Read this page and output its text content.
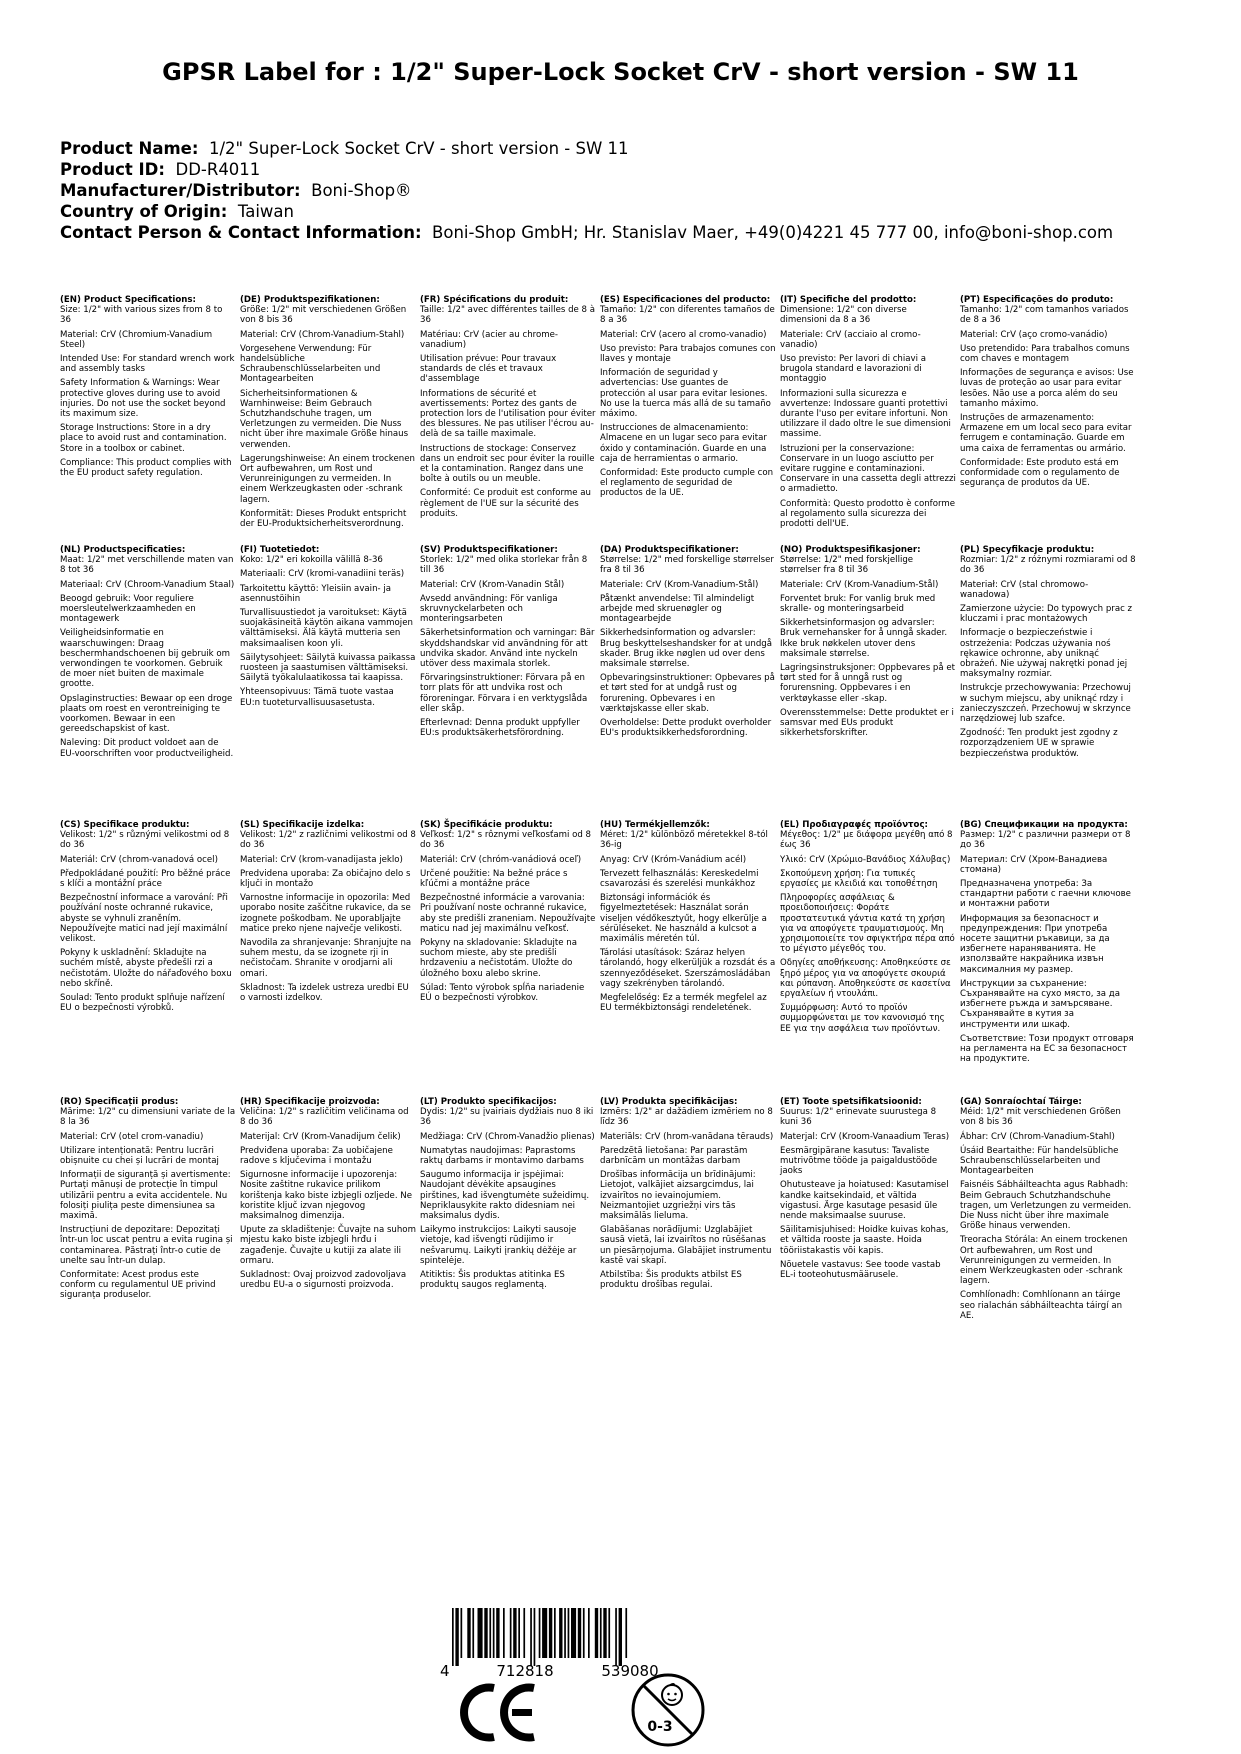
GPSR Label for : 1/2" Super-Lock Socket CrV - short version - SW 11
Product Name: 1/2" Super-Lock Socket CrV - short version - SW 11
Product ID: DD-R4011
Manufacturer/Distributor: Boni-Shop®
Country of Origin: Taiwan
Contact Person & Contact Information: Boni-Shop GmbH; Hr. Stanislav Maer, +49(0)4221 45 777 00, info@boni-shop.com
(EN) Product Specifications:
Size: 1/2" with various sizes from 8 to 36
Material: CrV (Chromium-Vanadium Steel)
Intended Use: For standard wrench work and assembly tasks
Safety Information & Warnings: Wear protective gloves during use to avoid injuries. Do not use the socket beyond its maximum size.
Storage Instructions: Store in a dry place to avoid rust and contamination. Store in a toolbox or cabinet.
Compliance: This product complies with the EU product safety regulation.
(DE) Produktspezifikationen:
Größe: 1/2" mit verschiedenen Größen von 8 bis 36
Material: CrV (Chrom-Vanadium-Stahl)
Vorgesehene Verwendung: Für handelsübliche Schraubenschlüsselarbeiten und Montagearbeiten
Sicherheitsinformationen & Warnhinweise: Beim Gebrauch Schutzhandschuhe tragen, um Verletzungen zu vermeiden. Die Nuss nicht über ihre maximale Größe hinaus verwenden.
Lagerungshinweise: An einem trockenen Ort aufbewahren, um Rost und Verunreinigungen zu vermeiden. In einem Werkzeugkasten oder -schrank lagern.
Konformität: Dieses Produkt entspricht der EU-Produktsicherheitsverordnung.
(FR) Spécifications du produit:
Taille: 1/2" avec différentes tailles de 8 à 36
Matériau: CrV (acier au chrome-vanadium)
Utilisation prévue: Pour travaux standards de clés et travaux d'assemblage
Informations de sécurité et avertissements: Portez des gants de protection lors de l'utilisation pour éviter des blessures. Ne pas utiliser l'écrou au-delà de sa taille maximale.
Instructions de stockage: Conservez dans un endroit sec pour éviter la rouille et la contamination. Rangez dans une boîte à outils ou un meuble.
Conformité: Ce produit est conforme au règlement de l'UE sur la sécurité des produits.
(ES) Especificaciones del producto:
Tamaño: 1/2" con diferentes tamaños de 8 a 36
Material: CrV (acero al cromo-vanadio)
Uso previsto: Para trabajos comunes con llaves y montaje
Información de seguridad y advertencias: Use guantes de protección al usar para evitar lesiones. No use la tuerca más allá de su tamaño máximo.
Instrucciones de almacenamiento: Almacene en un lugar seco para evitar óxido y contaminación. Guarde en una caja de herramientas o armario.
Conformidad: Este producto cumple con el reglamento de seguridad de productos de la UE.
(IT) Specifiche del prodotto:
Dimensione: 1/2" con diverse dimensioni da 8 a 36
Materiale: CrV (acciaio al cromo-vanadio)
Uso previsto: Per lavori di chiavi a brugola standard e lavorazioni di montaggio
Informazioni sulla sicurezza e avvertenze: Indossare guanti protettivi durante l'uso per evitare infortuni. Non utilizzare il dado oltre le sue dimensioni massime.
Istruzioni per la conservazione: Conservare in un luogo asciutto per evitare ruggine e contaminazioni. Conservare in una cassetta degli attrezzi o armadietto.
Conformità: Questo prodotto è conforme al regolamento sulla sicurezza dei prodotti dell'UE.
(PT) Especificações do produto:
Tamanho: 1/2" com tamanhos variados de 8 a 36
Material: CrV (aço cromo-vanádio)
Uso pretendido: Para trabalhos comuns com chaves e montagem
Informações de segurança e avisos: Use luvas de proteção ao usar para evitar lesões. Não use a porca além do seu tamanho máximo.
Instruções de armazenamento: Armazene em um local seco para evitar ferrugem e contaminação. Guarde em uma caixa de ferramentas ou armário.
Conformidade: Este produto está em conformidade com o regulamento de segurança de produtos da UE.
(NL) Productspecificaties:
Maat: 1/2" met verschillende maten van 8 tot 36
Materiaal: CrV (Chroom-Vanadium Staal)
Beoogd gebruik: Voor reguliere moersleutelwerkzaamheden en montagewerk
Veiligheidsinformatie en waarschuwingen: Draag beschermhandschoenen bij gebruik om verwondingen te voorkomen. Gebruik de moer niet buiten de maximale grootte.
Opslaginstructies: Bewaar op een droge plaats om roest en verontreiniging te voorkomen. Bewaar in een gereedschapskist of kast.
Naleving: Dit product voldoet aan de EU-voorschriften voor productveiligheid.
(FI) Tuotetiedot:
Koko: 1/2" eri kokoilla välillä 8-36
Materiaali: CrV (kromi-vanadiini teräs)
Tarkoitettu käyttö: Yleisiin avain- ja asennustöihin
Turvallisuustiedot ja varoitukset: Käytä suojakäsineitä käytön aikana vammojen välttämiseksi. Älä käytä mutteria sen maksimaalisen koon yli.
Säilytysohjeet: Säilytä kuivassa paikassa ruosteen ja saastumisen välttämiseksi. Säilytä työkalulaatikossa tai kaapissa.
Yhteensopivuus: Tämä tuote vastaa EU:n tuoteturvallisuusasetusta.
(SV) Produktspecifikationer:
Storlek: 1/2" med olika storlekar från 8 till 36
Material: CrV (Krom-Vanadin Stål)
Avsedd användning: För vanliga skruvnyckelarbeten och monteringsarbeten
Säkerhetsinformation och varningar: Bär skyddshandskar vid användning för att undvika skador. Använd inte nyckeln utöver dess maximala storlek.
Förvaringsinstruktioner: Förvara på en torr plats för att undvika rost och föroreningar. Förvara i en verktygslåda eller skåp.
Efterlevnad: Denna produkt uppfyller EU:s produktsäkerhetsförordning.
(DA) Produktspecifikationer:
Størrelse: 1/2" med forskellige størrelser fra 8 til 36
Materiale: CrV (Krom-Vanadium-Stål)
Påtænkt anvendelse: Til almindeligt arbejde med skruenøgler og montagearbejde
Sikkerhedsinformation og advarsler: Brug beskyttelseshandsker for at undgå skader. Brug ikke nøglen ud over dens maksimale størrelse.
Opbevaringsinstruktioner: Opbevares på et tørt sted for at undgå rust og forurening. Opbevares i en værktøjskasse eller skab.
Overholdelse: Dette produkt overholder EU's produktsikkerhedsforordning.
(NO) Produktspesifikasjoner:
Størrelse: 1/2" med forskjellige størrelser fra 8 til 36
Materiale: CrV (Krom-Vanadium-Stål)
Forventet bruk: For vanlig bruk med skralle- og monteringsarbeid
Sikkerhetsinformasjon og advarsler: Bruk vernehansker for å unngå skader. Ikke bruk nøkkelen utover dens maksimale størrelse.
Lagringsinstruksjoner: Oppbevares på et tørt sted for å unngå rust og forurensning. Oppbevares i en verktøykasse eller -skap.
Overensstemmelse: Dette produktet er i samsvar med EUs produkt sikkerhetsforskrifter.
(PL) Specyfikacje produktu:
Rozmiar: 1/2" z różnymi rozmiarami od 8 do 36
Materiał: CrV (stal chromowo-wanadowa)
Zamierzone użycie: Do typowych prac z kluczami i prac montażowych
Informacje o bezpieczeństwie i ostrzeżenia: Podczas używania noś rękawice ochronne, aby uniknąć obrażeń. Nie używaj nakrętki ponad jej maksymalny rozmiar.
Instrukcje przechowywania: Przechowuj w suchym miejscu, aby uniknąć rdzy i zanieczyszczeń. Przechowuj w skrzynce narzędziowej lub szafce.
Zgodność: Ten produkt jest zgodny z rozporządzeniem UE w sprawie bezpieczeństwa produktów.
(CS) Specifikace produktu:
Velikost: 1/2" s různými velikostmi od 8 do 36
Materiál: CrV (chrom-vanadová ocel)
Předpokládané použití: Pro běžné práce s klíči a montážní práce
Bezpečnostní informace a varování: Při používání noste ochranné rukavice, abyste se vyhnuli zraněním. Nepoužívejte matici nad její maximální velikost.
Pokyny k uskladnění: Skladujte na suchém místě, abyste předešli rzi a nečistotám. Uložte do nářaďového boxu nebo skříně.
Soulad: Tento produkt splňuje nařízení EU o bezpečnosti výrobků.
(SL) Specifikacije izdelka:
Velikost: 1/2" z različnimi velikostmi od 8 do 36
Material: CrV (krom-vanadijasta jeklo)
Predvidena uporaba: Za običajno delo s ključi in montažo
Varnostne informacije in opozorila: Med uporabo nosite zaščitne rukavice, da se izognete poškodbam. Ne uporabljajte matice preko njene največje velikosti.
Navodila za shranjevanje: Shranjujte na suhem mestu, da se izognete rji in nečistočam. Shranite v orodjarni ali omari.
Skladnost: Ta izdelek ustreza uredbi EU o varnosti izdelkov.
(SK) Špecifikácie produktu:
Veľkosť: 1/2" s rôznymi veľkosťami od 8 do 36
Materiál: CrV (chróm-vanádiová oceľ)
Určené použitie: Na bežné práce s kľúčmi a montážne práce
Bezpečnostné informácie a varovania: Pri používaní noste ochranné rukavice, aby ste predišli zraneniam. Nepoužívajte maticu nad jej maximálnu veľkosť.
Pokyny na skladovanie: Skladujte na suchom mieste, aby ste predišli hrdzaveniu a nečistotám. Uložte do úložného boxu alebo skrine.
Súlad: Tento výrobok spĺňa nariadenie EÚ o bezpečnosti výrobkov.
(HU) Termékjellemzők:
Méret: 1/2" különböző méretekkel 8-tól 36-ig
Anyag: CrV (Króm-Vanádium acél)
Tervezett felhasználás: Kereskedelmi csavarozási és szerelési munkákhoz
Biztonsági információk és figyelmeztetések: Használat során viseljen védőkesztyűt, hogy elkerülje a sérüléseket. Ne használd a kulcsot a maximális méretén túl.
Tárolási utasítások: Száraz helyen tárolandó, hogy elkerüljük a rozsdát és a szennyeződéseket. Szerszámosládában vagy szekrényben tárolandó.
Megfelelőség: Ez a termék megfelel az EU termékbiztonsági rendeletének.
(EL) Προδιαγραφές προϊόντος:
Μέγεθος: 1/2" με διάφορα μεγέθη από 8 έως 36
Υλικό: CrV (Χρώμιο-Βανάδιος Χάλυβας)
Σκοπούμενη χρήση: Για τυπικές εργασίες με κλειδιά και τοποθέτηση
Πληροφορίες ασφάλειας & προειδοποιήσεις: Φοράτε προστατευτικά γάντια κατά τη χρήση για να αποφύγετε τραυματισμούς. Μη χρησιμοποιείτε τον σφιγκτήρα πέρα από το μέγιστο μέγεθός του.
Οδηγίες αποθήκευσης: Αποθηκεύστε σε ξηρό μέρος για να αποφύγετε σκουριά και ρύπανση. Αποθηκεύστε σε κασετίνα εργαλείων ή ντουλάπι.
Συμμόρφωση: Αυτό το προϊόν συμμορφώνεται με τον κανονισμό της ΕΕ για την ασφάλεια των προϊόντων.
(BG) Спецификации на продукта:
Размер: 1/2" с различни размери от 8 до 36
Материал: CrV (Хром-Ванадиева стомана)
Предназначена употреба: За стандартни работи с гаечни ключове и монтажни работи
Информация за безопасност и предупреждения: При употреба носете защитни ръкавици, за да избегнете нараняванията. Не използвайте накрайника извън максималния му размер.
Инструкции за съхранение: Съхранявайте на сухо място, за да избегнете ръжда и замърсяване. Съхранявайте в кутия за инструменти или шкаф.
Съответствие: Този продукт отговаря на регламента на ЕС за безопасност на продуктите.
(RO) Specificații produs:
Mărime: 1/2" cu dimensiuni variate de la 8 la 36
Material: CrV (otel crom-vanadiu)
Utilizare intenționată: Pentru lucrări obișnuite cu chei și lucrări de montaj
Informații de siguranță și avertismente: Purtați mănuși de protecție în timpul utilizării pentru a evita accidentele. Nu folosiți piulița peste dimensiunea sa maximă.
Instrucțiuni de depozitare: Depozitați într-un loc uscat pentru a evita rugina și contaminarea. Păstrați într-o cutie de unelte sau într-un dulap.
Conformitate: Acest produs este conform cu regulamentul UE privind siguranța produselor.
(HR) Specifikacije proizvoda:
Veličina: 1/2" s različitim veličinama od 8 do 36
Materijal: CrV (Krom-Vanadijum čelik)
Predviđena uporaba: Za uobičajene radove s ključevima i montažu
Sigurnosne informacije i upozorenja: Nosite zaštitne rukavice prilikom korištenja kako biste izbjegli ozljede. Ne koristite ključ izvan njegovog maksimalnog dimenzija.
Upute za skladištenje: Čuvajte na suhom mjestu kako biste izbjegli hrđu i zagađenje. Čuvajte u kutiji za alate ili ormaru.
Sukladnost: Ovaj proizvod zadovoljava uredbu EU-a o sigurnosti proizvoda.
(LT) Produkto specifikacijos:
Dydis: 1/2" su įvairiais dydžiais nuo 8 iki 36
Medžiaga: CrV (Chrom-Vanadžio plienas)
Numatytas naudojimas: Paprastoms raktų darbams ir montavimo darbams
Saugumo informacija ir įspėjimai: Naudojant dėvėkite apsaugines pirštines, kad išvengtumėte sužeidimų. Nepriklausykite rakto didesniam nei maksimalus dydis.
Laikymo instrukcijos: Laikyti sausoje vietoje, kad išvengti rūdijimo ir nešvarumų. Laikyti įrankių dėžėje ar spintelėje.
Atitiktis: Šis produktas atitinka ES produktų saugos reglamentą.
(LV) Produkta specifikācijas:
Izmērs: 1/2" ar dažādiem izmēriem no 8 līdz 36
Materiāls: CrV (hrom-vanādana tērauds)
Paredzētā lietošana: Par parastām darbnīcām un montāžas darbam
Drošības informācija un brīdinājumi: Lietojot, valkājiet aizsargcimdus, lai izvairītos no ievainojumiem. Neizmantojiet uzgriežņi virs tās maksimālās lieluma.
Glabāšanas norādījumi: Uzglabājiet sausā vietā, lai izvairītos no rūsēšanas un piesārņojuma. Glabājiet instrumentu kastē vai skapī.
Atbilstība: Šis produkts atbilst ES produktu drošības regulai.
(ET) Toote spetsifikatsioonid:
Suurus: 1/2" erinevate suurustega 8 kuni 36
Materjal: CrV (Kroom-Vanaadium Teras)
Eesmärgipärane kasutus: Tavaliste mutrivõtme tööde ja paigaldustööde jaoks
Ohutusteave ja hoiatused: Kasutamisel kandke kaitsekindaid, et vältida vigastusi. Ärge kasutage pesasid üle nende maksimaalse suuruse.
Säilitamisjuhised: Hoidke kuivas kohas, et vältida rooste ja saaste. Hoida tööriistakastis või kapis.
Nõuetele vastavus: See toode vastab EL-i tooteohutusmäärusele.
(GA) Sonraíochtaí Táirge:
Méid: 1/2" mit verschiedenen Größen von 8 bis 36
Ábhar: CrV (Chrom-Vanadium-Stahl)
Úsáid Beartaithe: Für handelsübliche Schraubenschlüsselarbeiten und Montagearbeiten
Faisnéis Sábháilteachta agus Rabhadh: Beim Gebrauch Schutzhandschuhe tragen, um Verletzungen zu vermeiden. Die Nuss nicht über ihre maximale Größe hinaus verwenden.
Treoracha Stórála: An einem trockenen Ort aufbewahren, um Rost und Verunreinigungen zu vermeiden. In einem Werkzeugkasten oder -schrank lagern.
Comhlíonadh: Comhlíonann an táirge seo rialachán sábháilteachta táirgí an AE.
4	712818	539080
0-3
